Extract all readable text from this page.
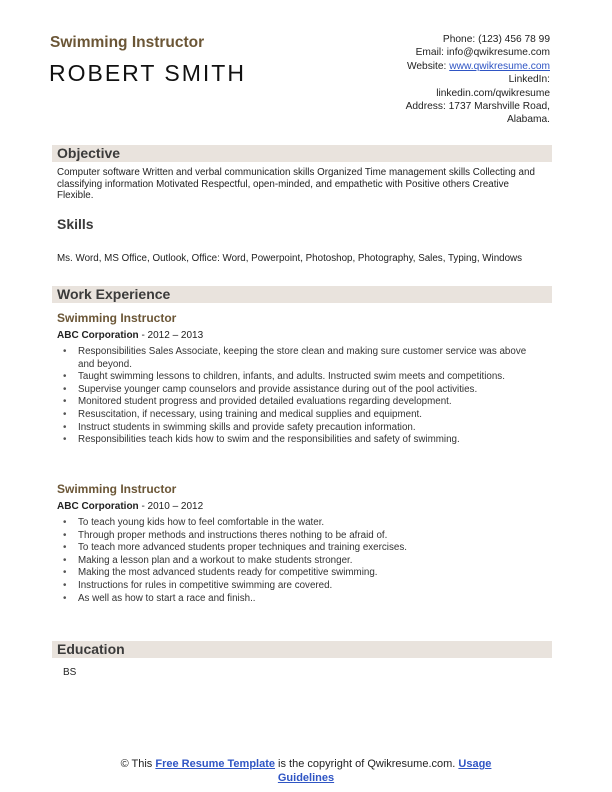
Swimming Instructor
ROBERT SMITH
Phone: (123) 456 78 99
Email: info@qwikresume.com
Website: www.qwikresume.com
LinkedIn:
linkedin.com/qwikresume
Address: 1737 Marshville Road,
Alabama.
Objective
Computer software Written and verbal communication skills Organized Time management skills Collecting and classifying information Motivated Respectful, open-minded, and empathetic with Positive others Creative Flexible.
Skills
Ms. Word, MS Office, Outlook, Office: Word, Powerpoint, Photoshop, Photography, Sales, Typing, Windows
Work Experience
Swimming Instructor
ABC Corporation - 2012 – 2013
• Responsibilities Sales Associate, keeping the store clean and making sure customer service was above and beyond.
• Taught swimming lessons to children, infants, and adults. Instructed swim meets and competitions.
• Supervise younger camp counselors and provide assistance during out of the pool activities.
• Monitored student progress and provided detailed evaluations regarding development.
• Resuscitation, if necessary, using training and medical supplies and equipment.
• Instruct students in swimming skills and provide safety precaution information.
• Responsibilities teach kids how to swim and the responsibilities and safety of swimming.
Swimming Instructor
ABC Corporation - 2010 – 2012
• To teach young kids how to feel comfortable in the water.
• Through proper methods and instructions theres nothing to be afraid of.
• To teach more advanced students proper techniques and training exercises.
• Making a lesson plan and a workout to make students stronger.
• Making the most advanced students ready for competitive swimming.
• Instructions for rules in competitive swimming are covered.
• As well as how to start a race and finish..
Education
BS
© This Free Resume Template is the copyright of Qwikresume.com. Usage
Guidelines
